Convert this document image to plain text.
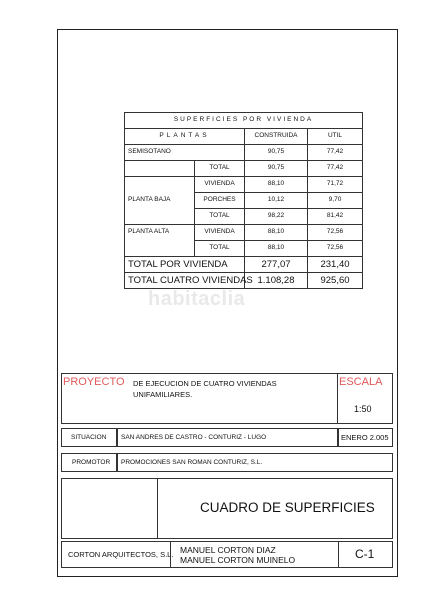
SUPERFICIES POR VIVIENDA			
PLANTAS		CONSTRUIDA	UTIL
SEMISOTANO		90,75	77,42
	TOTAL	90,75	77,42
PLANTA BAJA	VIVIENDA	88,10	71,72
	PORCHES	10,12	9,70
	TOTAL	98,22	81,42
PLANTA ALTA	VIVIENDA	88,10	72,56
	TOTAL	88,10	72,56
TOTAL POR VIVIENDA		277,07	231,40
TOTAL CUATRO VIVIENDAS		1.108,28	925,60
habitaclia
PROYECTO DE EJECUCION DE CUATRO VIVIENDAS UNIFAMILIARES.
ESCALA
1:50
SITUACION SAN ANDRES DE CASTRO - CONTURIZ - LUGO	ENERO 2.005
PROMOTOR PROMOCIONES SAN ROMAN CONTURIZ, S.L.
CUADRO DE SUPERFICIES
CORTON ARQUITECTOS, S.L. MANUEL CORTON DIAZ
MANUEL CORTON MUINELO	C-1
